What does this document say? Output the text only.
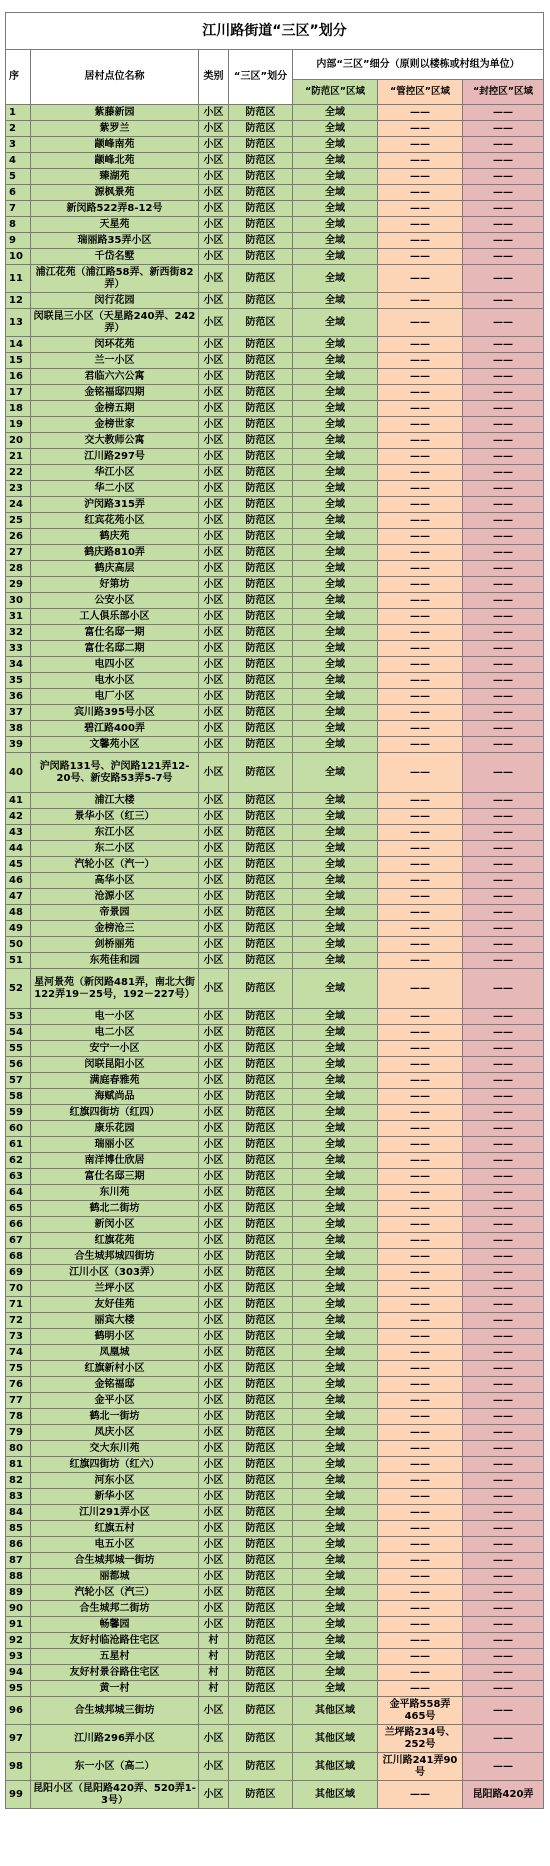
江川路街道“三区”划分						
序	居村点位名称	类别	“三区”划分	内部“三区”细分（原则以楼栋或村组为单位）		
				“防范区”区域	“管控区”区域	“封控区”区域
1	紫藤新园	小区	防范区	全域	——	——
2	紫罗兰	小区	防范区	全域	——	——
3	颛峰南苑	小区	防范区	全域	——	——
4	颛峰北苑	小区	防范区	全域	——	——
5	臻湖苑	小区	防范区	全域	——	——
6	源枫景苑	小区	防范区	全域	——	——
7	新闵路522弄8-12号	小区	防范区	全域	——	——
8	天星苑	小区	防范区	全域	——	——
9	瑞丽路35弄小区	小区	防范区	全域	——	——
10	千岱名墅	小区	防范区	全域	——	——
11	浦江花苑（浦江路58弄、新西街82弄）	小区	防范区	全域	——	——
12	闵行花园	小区	防范区	全域	——	——
13	闵联昆三小区（天星路240弄、242弄）	小区	防范区	全域	——	——
14	闵环花苑	小区	防范区	全域	——	——
15	兰一小区	小区	防范区	全域	——	——
16	君临六六公寓	小区	防范区	全域	——	——
17	金铭福邸四期	小区	防范区	全域	——	——
18	金榜五期	小区	防范区	全域	——	——
19	金榜世家	小区	防范区	全域	——	——
20	交大教师公寓	小区	防范区	全域	——	——
21	江川路297号	小区	防范区	全域	——	——
22	华江小区	小区	防范区	全域	——	——
23	华二小区	小区	防范区	全域	——	——
24	沪闵路315弄	小区	防范区	全域	——	——
25	红宾花苑小区	小区	防范区	全域	——	——
26	鹤庆苑	小区	防范区	全域	——	——
27	鹤庆路810弄	小区	防范区	全域	——	——
28	鹤庆高层	小区	防范区	全域	——	——
29	好第坊	小区	防范区	全域	——	——
30	公安小区	小区	防范区	全域	——	——
31	工人俱乐部小区	小区	防范区	全域	——	——
32	富仕名邸一期	小区	防范区	全域	——	——
33	富仕名邸二期	小区	防范区	全域	——	——
34	电四小区	小区	防范区	全域	——	——
35	电水小区	小区	防范区	全域	——	——
36	电厂小区	小区	防范区	全域	——	——
37	宾川路395号小区	小区	防范区	全域	——	——
38	碧江路400弄	小区	防范区	全域	——	——
39	文馨苑小区	小区	防范区	全域	——	——
40	沪闵路131号、沪闵路121弄12-20号、新安路53弄5-7号	小区	防范区	全域	——	——
41	浦江大楼	小区	防范区	全域	——	——
42	景华小区（红三）	小区	防范区	全域	——	——
43	东江小区	小区	防范区	全域	——	——
44	东二小区	小区	防范区	全域	——	——
45	汽轮小区（汽一）	小区	防范区	全域	——	——
46	高华小区	小区	防范区	全域	——	——
47	沧源小区	小区	防范区	全域	——	——
48	帝景园	小区	防范区	全域	——	——
49	金榜沧三	小区	防范区	全域	——	——
50	剑桥丽苑	小区	防范区	全域	——	——
51	东苑佳和园	小区	防范区	全域	——	——
52	星河景苑（新闵路481弄，南北大街122弄19－25号，192－227号）	小区	防范区	全域	——	——
53	电一小区	小区	防范区	全域	——	——
54	电二小区	小区	防范区	全域	——	——
55	安宁一小区	小区	防范区	全域	——	——
56	闵联昆阳小区	小区	防范区	全域	——	——
57	满庭春雅苑	小区	防范区	全域	——	——
58	海赋尚品	小区	防范区	全域	——	——
59	红旗四街坊（红四）	小区	防范区	全域	——	——
60	康乐花园	小区	防范区	全域	——	——
61	瑞丽小区	小区	防范区	全域	——	——
62	南洋博仕欣居	小区	防范区	全域	——	——
63	富仕名邸三期	小区	防范区	全域	——	——
64	东川苑	小区	防范区	全域	——	——
65	鹤北二街坊	小区	防范区	全域	——	——
66	新闵小区	小区	防范区	全域	——	——
67	红旗花苑	小区	防范区	全域	——	——
68	合生城邦城四街坊	小区	防范区	全域	——	——
69	江川小区（303弄）	小区	防范区	全域	——	——
70	兰坪小区	小区	防范区	全域	——	——
71	友好佳苑	小区	防范区	全域	——	——
72	丽宾大楼	小区	防范区	全域	——	——
73	鹤明小区	小区	防范区	全域	——	——
74	凤凰城	小区	防范区	全域	——	——
75	红旗新村小区	小区	防范区	全域	——	——
76	金铭福邸	小区	防范区	全域	——	——
77	金平小区	小区	防范区	全域	——	——
78	鹤北一街坊	小区	防范区	全域	——	——
79	凤庆小区	小区	防范区	全域	——	——
80	交大东川苑	小区	防范区	全域	——	——
81	红旗四街坊（红六）	小区	防范区	全域	——	——
82	河东小区	小区	防范区	全域	——	——
83	新华小区	小区	防范区	全域	——	——
84	江川291弄小区	小区	防范区	全域	——	——
85	红旗五村	小区	防范区	全域	——	——
86	电五小区	小区	防范区	全域	——	——
87	合生城邦城一街坊	小区	防范区	全域	——	——
88	丽都城	小区	防范区	全域	——	——
89	汽轮小区（汽三）	小区	防范区	全域	——	——
90	合生城邦二街坊	小区	防范区	全域	——	——
91	畅馨园	小区	防范区	全域	——	——
92	友好村临沧路住宅区	村	防范区	全域	——	——
93	五星村	村	防范区	全域	——	——
94	友好村景谷路住宅区	村	防范区	全域	——	——
95	黄一村	村	防范区	全域	——	——
96	合生城邦城三街坊	小区	防范区	其他区域	金平路558弄465号	——
97	江川路296弄小区	小区	防范区	其他区域	兰坪路234号、252号	——
98	东一小区（高二）	小区	防范区	其他区域	江川路241弄90号	——
99	昆阳小区（昆阳路420弄、520弄1-3号）	小区	防范区	其他区域	——	昆阳路420弄
